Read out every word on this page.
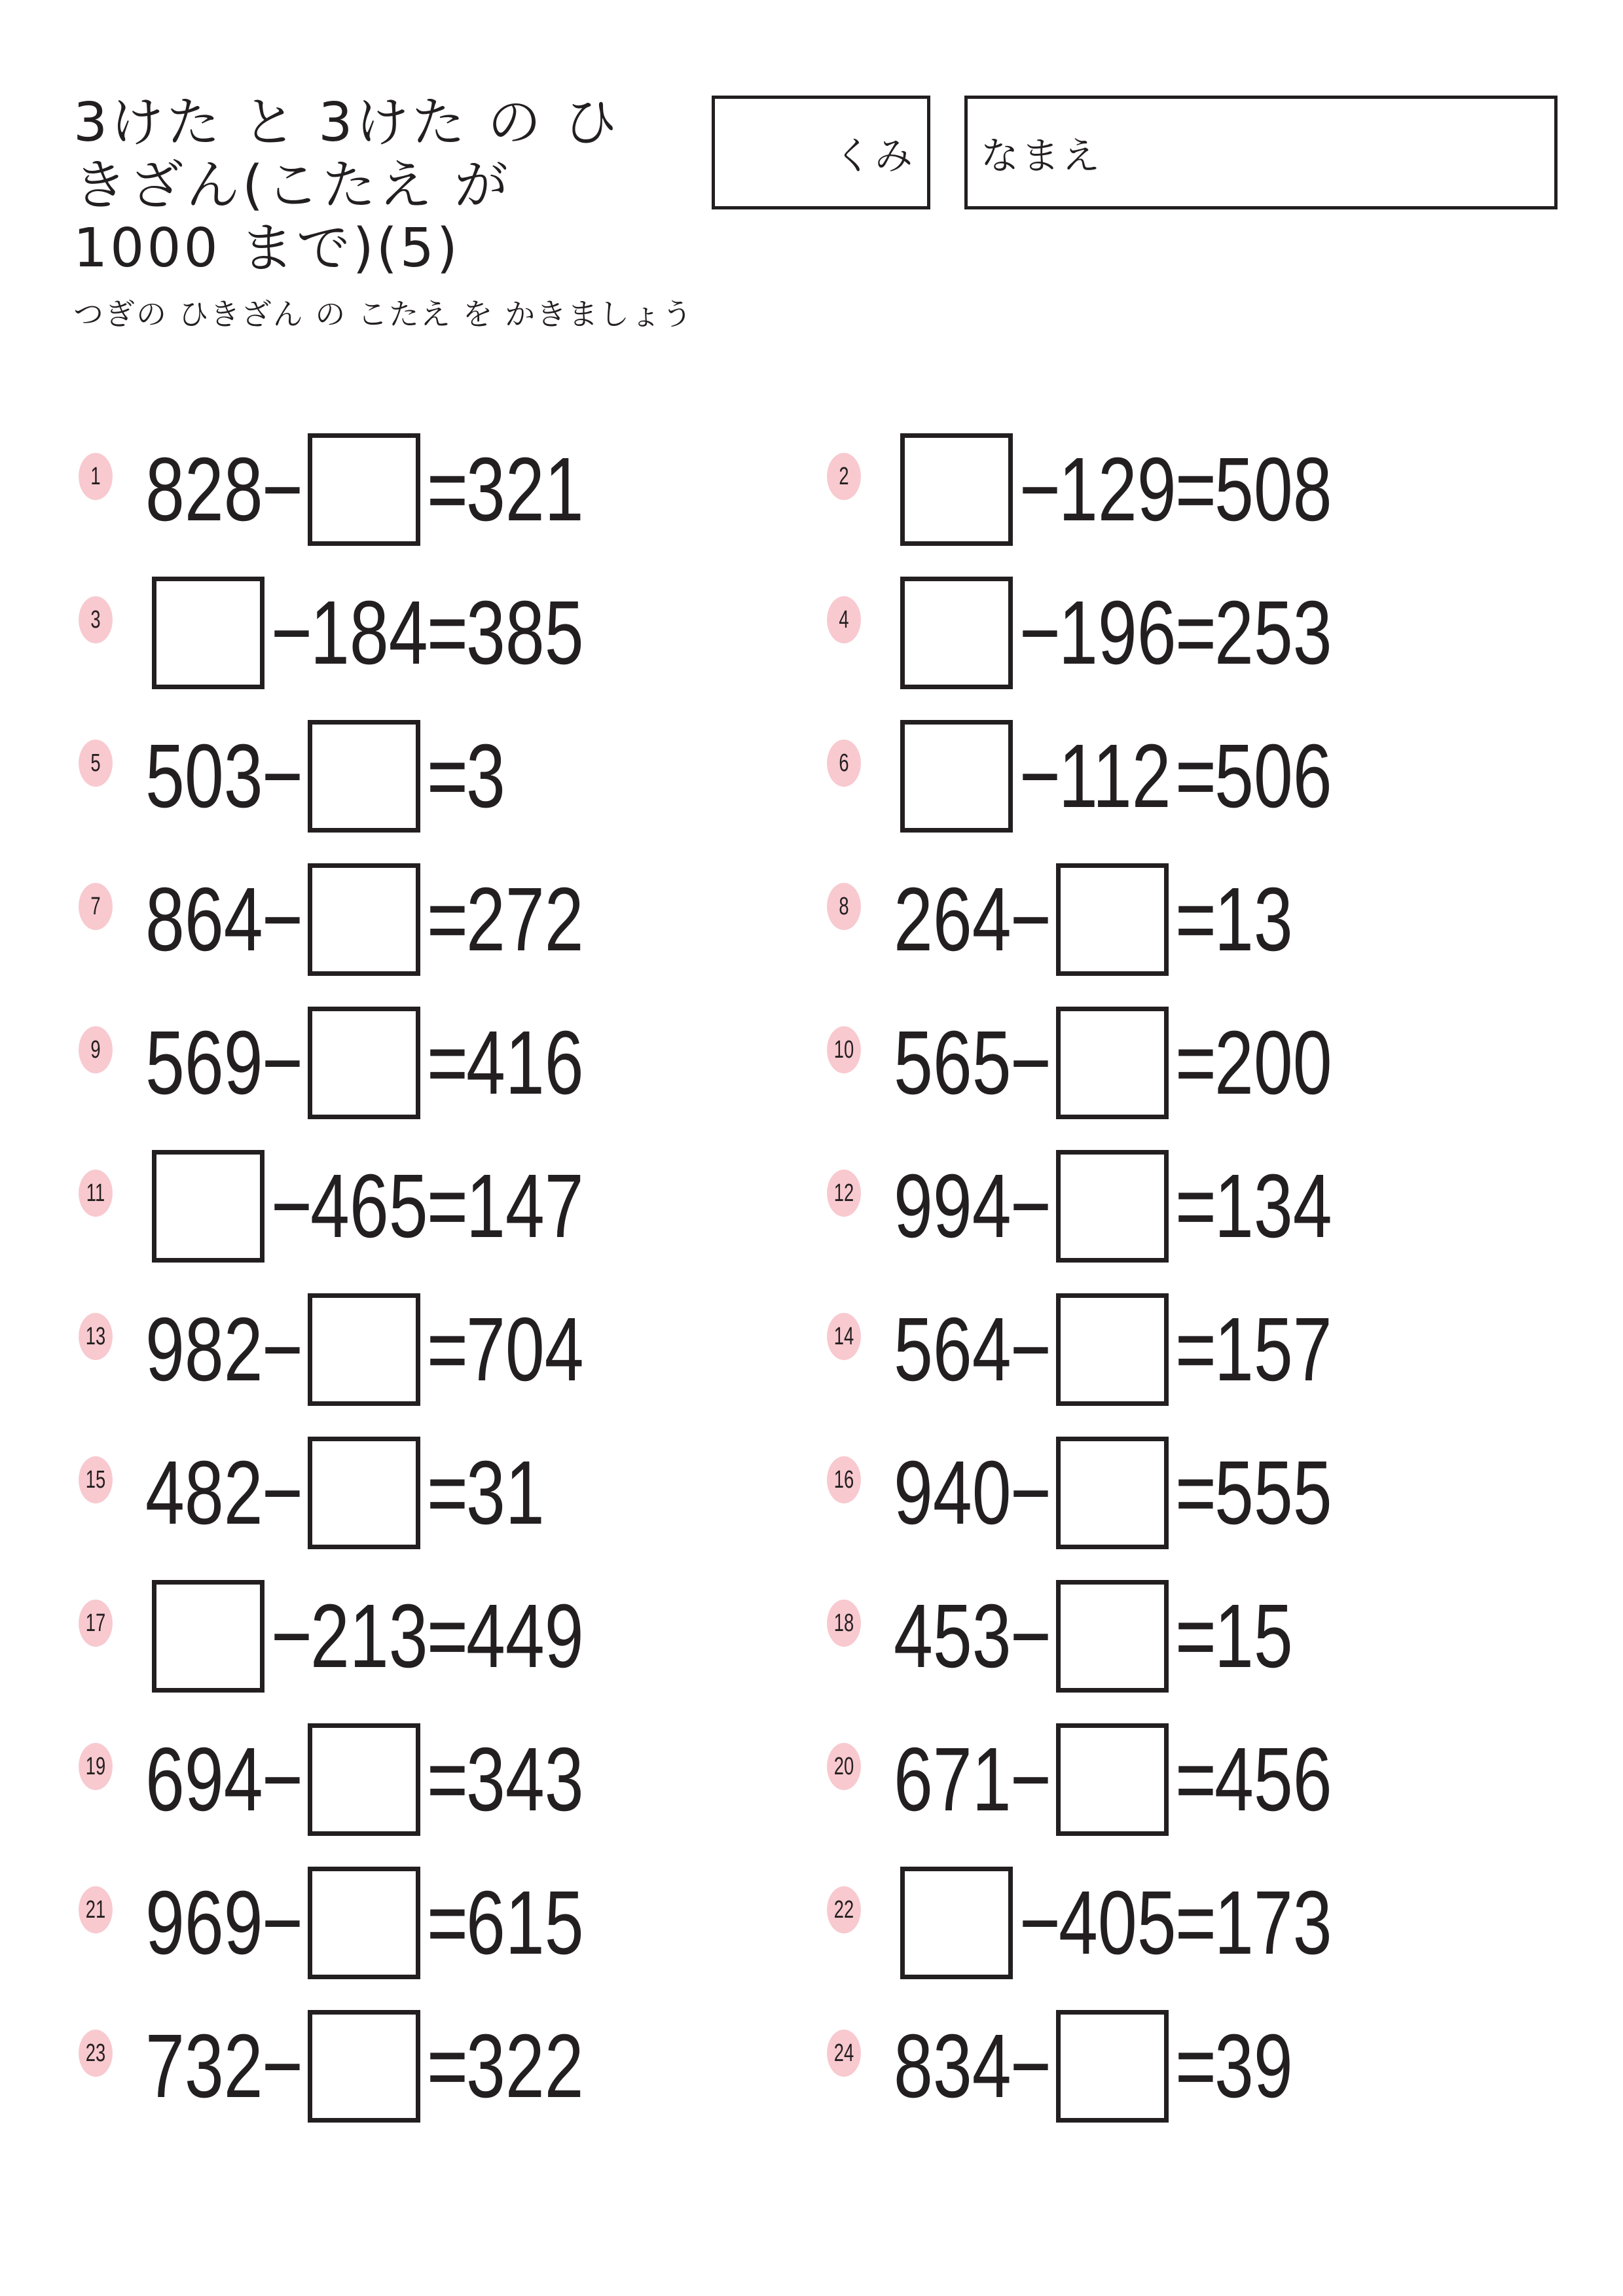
3けた と 3けた の ひきざん(こたえ が 1000 まで)(5)
つぎの ひきざん の こたえ を かきましょう
くみ なまえ
1 828
− =
321	2 −
129
=
508
3 −
184
=
385	4 −
196
=
253
5 503
− =
3	6 −
112 =
506
7 864
− =
272	8 264
− =
13
9 569
− =
416	10 565
− =
200
11 −
465
=
147	12 994
− =
134
13 982
− =
704	14 564
− =
157
15 482
− =
31	16 940
− =
555
17 −
213
=
449	18 453
− =
15
19 694
− =
343	20 671
− =
456
21 969
− =
615	22 −
405
=
173
23 732
− =
322	24 834
− =
39
